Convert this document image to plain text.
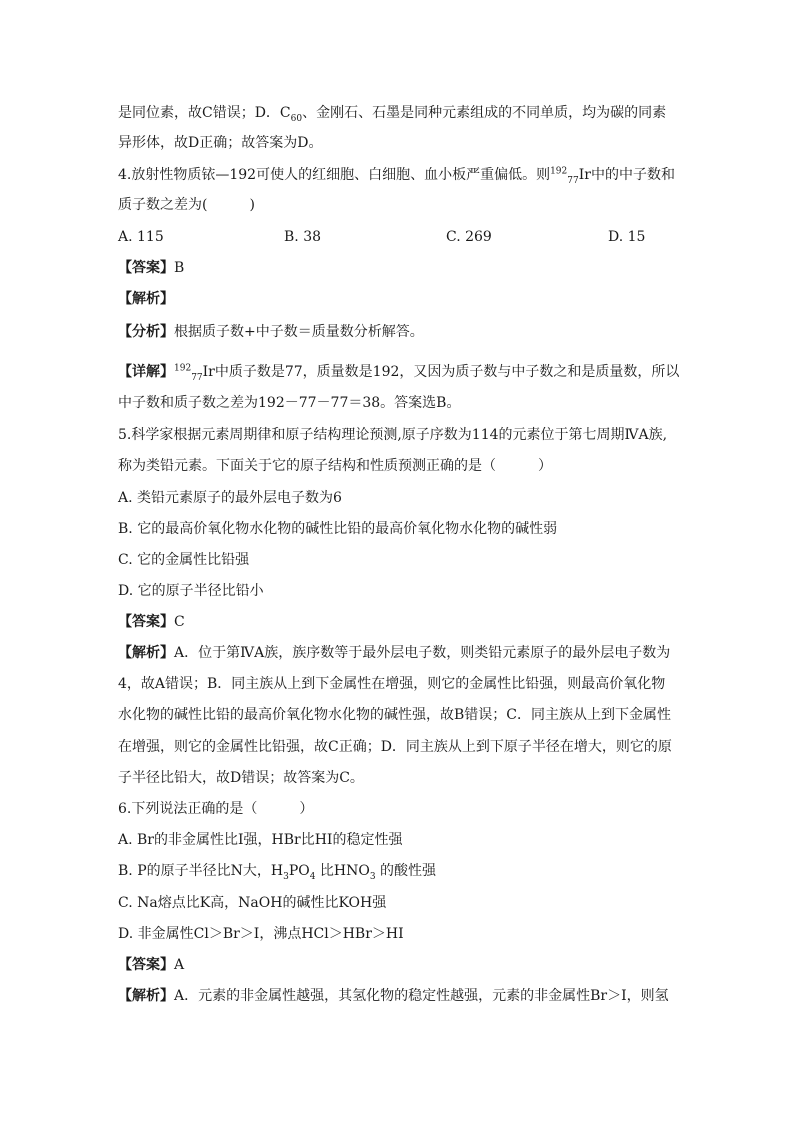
是同位素，故C错误；D．$C_{60}$、金刚石、石墨是同种元素组成的不同单质，均为碳的同素
异形体，故D正确；故答案为D。
4.放射性物质铱—192可使人的红细胞、白细胞、血小板严重偏低。则$^{192}_{77}$Ir中的中子数和
质子数之差为(　　　)
A. 115	B. 38	C. 269	D. 15
【答案】B
【解析】
【分析】根据质子数+中子数＝质量数分析解答。
【详解】$^{192}_{77}$Ir中质子数是77，质量数是192，又因为质子数与中子数之和是质量数，所以
中子数和质子数之差为192－77－77＝38。答案选B。
5.科学家根据元素周期律和原子结构理论预测,原子序数为114的元素位于第七周期ⅣA族,
称为类铅元素。下面关于它的原子结构和性质预测正确的是（　　　）
A. 类铅元素原子的最外层电子数为6
B. 它的最高价氧化物水化物的碱性比铅的最高价氧化物水化物的碱性弱
C. 它的金属性比铅强
D. 它的原子半径比铅小
【答案】C
【解析】A．位于第ⅣA族，族序数等于最外层电子数，则类铅元素原子的最外层电子数为
4，故A错误；B．同主族从上到下金属性在增强，则它的金属性比铅强，则最高价氧化物
水化物的碱性比铅的最高价氧化物水化物的碱性强，故B错误；C．同主族从上到下金属性
在增强，则它的金属性比铅强，故C正确；D．同主族从上到下原子半径在增大，则它的原
子半径比铅大，故D错误；故答案为C。
6.下列说法正确的是（　　　）
A. Br的非金属性比I强，HBr比HI的稳定性强
B. P的原子半径比N大，$H_3PO_4$ 比$HNO_3$ 的酸性强
C. Na熔点比K高，NaOH的碱性比KOH强
D. 非金属性Cl＞Br＞I，沸点HCl＞HBr＞HI
【答案】A
【解析】A．元素的非金属性越强，其氢化物的稳定性越强，元素的非金属性Br＞I，则氢
